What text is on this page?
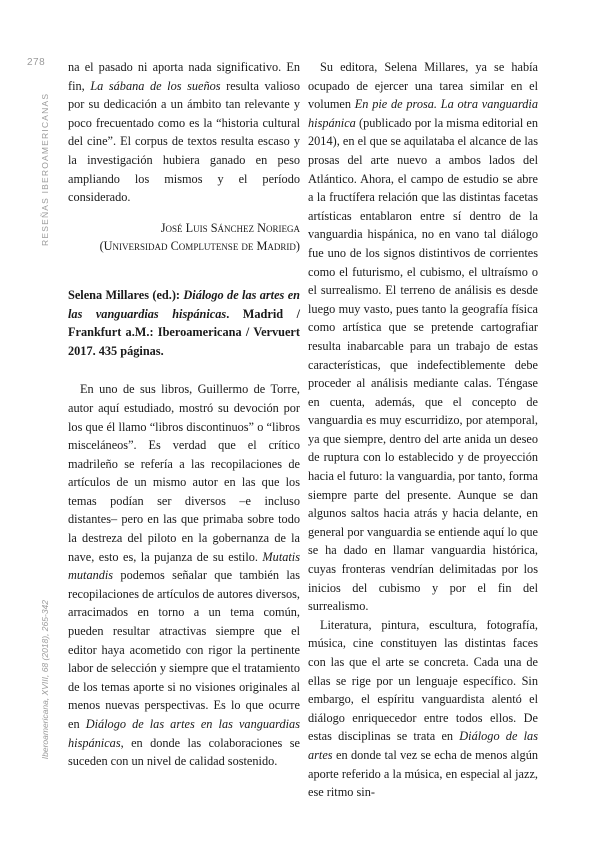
278
RESEÑAS IBEROAMERICANAS
Iberoamericana, XVIII, 68 (2018), 265-342

na el pasado ni aporta nada significativo. En fin, La sábana de los sueños resulta valioso por su dedicación a un ámbito tan relevante y poco frecuentado como es la “historia cultural del cine”. El corpus de textos resulta escaso y la investigación hubiera ganado en peso ampliando los mismos y el período considerado.

José Luis Sánchez Noriega
(Universidad Complutense de Madrid)

Selena Millares (ed.): Diálogo de las artes en las vanguardias hispánicas. Madrid / Frankfurt a.M.: Iberoamericana / Vervuert 2017. 435 páginas.

En uno de sus libros, Guillermo de Torre, autor aquí estudiado, mostró su devoción por los que él llamo “libros discontinuos” o “libros misceláneos”. Es verdad que el crítico madrileño se refería a las recopilaciones de artículos de un mismo autor en las que los temas podían ser diversos –e incluso distantes– pero en las que primaba sobre todo la destreza del piloto en la gobernanza de la nave, esto es, la pujanza de su estilo. Mutatis mutandis podemos señalar que también las recopilaciones de artículos de autores diversos, arracimados en torno a un tema común, pueden resultar atractivas siempre que el editor haya acometido con rigor la pertinente labor de selección y siempre que el tratamiento de los temas aporte si no visiones originales al menos nuevas perspectivas. Es lo que ocurre en Diálogo de las artes en las vanguardias hispánicas, en donde las colaboraciones se suceden con un nivel de calidad sostenido.

Su editora, Selena Millares, ya se había ocupado de ejercer una tarea similar en el volumen En pie de prosa. La otra vanguardia hispánica (publicado por la misma editorial en 2014), en el que se aquilataba el alcance de las prosas del arte nuevo a ambos lados del Atlántico. Ahora, el campo de estudio se abre a la fructífera relación que las distintas facetas artísticas entablaron entre sí dentro de la vanguardia hispánica, no en vano tal diálogo fue uno de los signos distintivos de corrientes como el futurismo, el cubismo, el ultraísmo o el surrealismo. El terreno de análisis es desde luego muy vasto, pues tanto la geografía física como artística que se pretende cartografiar resulta inabarcable para un trabajo de estas características, que indefectiblemente debe proceder al análisis mediante calas. Téngase en cuenta, además, que el concepto de vanguardia es muy escurridizo, por atemporal, ya que siempre, dentro del arte anida un deseo de ruptura con lo establecido y de proyección hacia el futuro: la vanguardia, por tanto, forma siempre parte del presente. Aunque se dan algunos saltos hacia atrás y hacia delante, en general por vanguardia se entiende aquí lo que se ha dado en llamar vanguardia histórica, cuyas fronteras vendrían delimitadas por los inicios del cubismo y por el fin del surrealismo.

Literatura, pintura, escultura, fotografía, música, cine constituyen las distintas faces con las que el arte se concreta. Cada una de ellas se rige por un lenguaje específico. Sin embargo, el espíritu vanguardista alentó el diálogo enriquecedor entre todos ellos. De estas disciplinas se trata en Diálogo de las artes en donde tal vez se echa de menos algún aporte referido a la música, en especial al jazz, ese ritmo sin-
